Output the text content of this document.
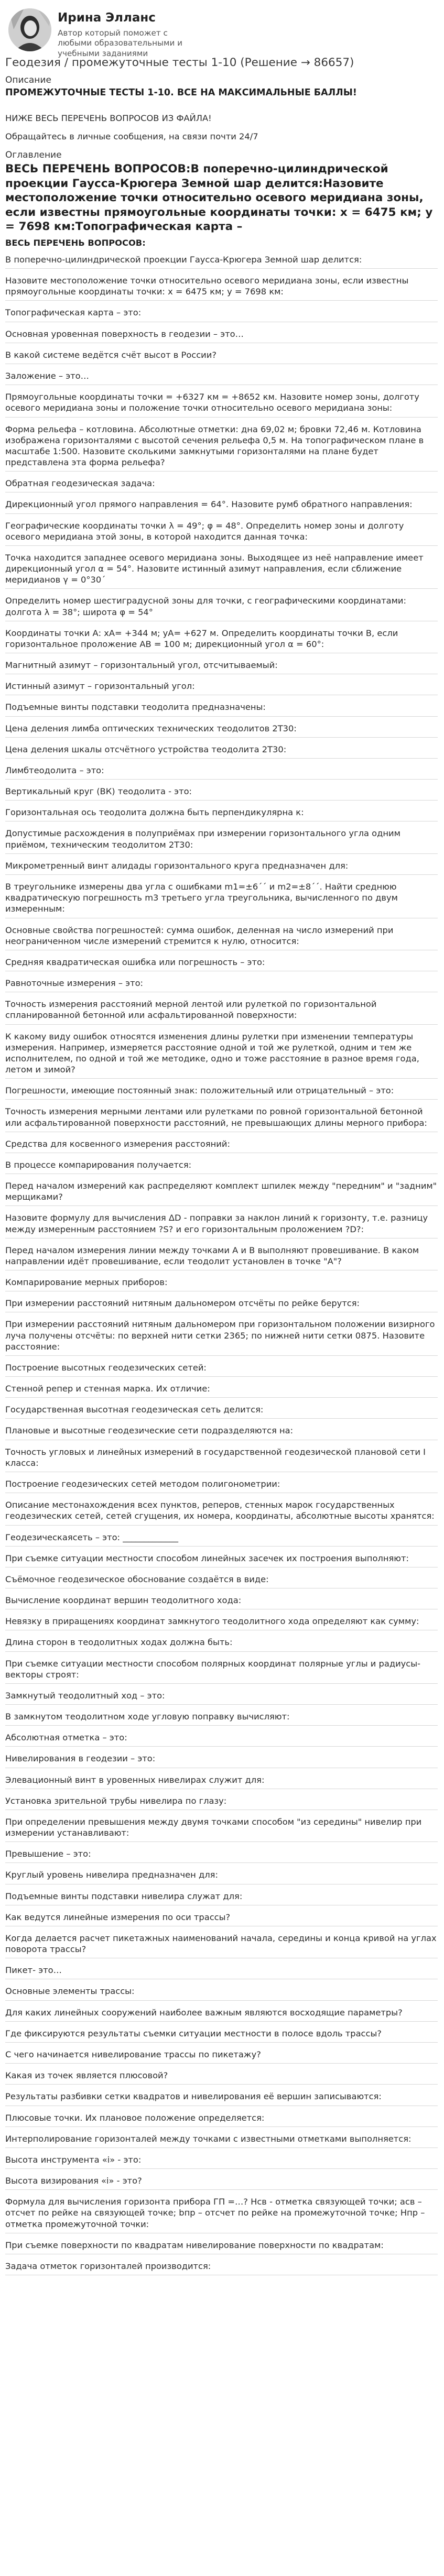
Ирина Элланс
Автор который поможет с любыми образовательными и учебными заданиями
Геодезия / промежуточные тесты 1-10 (Решение → 86657)
Описание
ПРОМЕЖУТОЧНЫЕ ТЕСТЫ 1-10. ВСЕ НА МАКСИМАЛЬНЫЕ БАЛЛЫ!
НИЖЕ ВЕСЬ ПЕРЕЧЕНЬ ВОПРОСОВ ИЗ ФАЙЛА!
Обращайтесь в личные сообщения, на связи почти 24/7
Оглавление
ВЕСЬ ПЕРЕЧЕНЬ ВОПРОСОВ:В поперечно-цилиндрической проекции Гаусса-Крюгера Земной шар делится:Назовите местоположение точки относительно осевого меридиана зоны, если известны прямоугольные координаты точки: х = 6475 км; у = 7698 км:Топографическая карта –
ВЕСЬ ПЕРЕЧЕНЬ ВОПРОСОВ:
В поперечно-цилиндрической проекции Гаусса-Крюгера Земной шар делится:
Назовите местоположение точки относительно осевого меридиана зоны, если известны прямоугольные координаты точки: х = 6475 км; у = 7698 км:
Топографическая карта – это:
Основная уровенная поверхность в геодезии – это…
В какой системе ведётся счёт высот в России?
Заложение – это…
Прямоугольные координаты точки = +6327 км = +8652 км. Назовите номер зоны, долготу осевого меридиана зоны и положение точки относительно осевого меридиана зоны:
Форма рельефа – котловина. Абсолютные отметки: дна 69,02 м; бровки 72,46 м. Котловина изображена горизонталями с высотой сечения рельефа 0,5 м. На топографическом плане в масштабе 1:500. Назовите сколькими замкнутыми горизонталями на плане будет представлена эта форма рельефа?
Обратная геодезическая задача:
Дирекционный угол прямого направления = 64°. Назовите румб обратного направления:
Географические координаты точки λ = 49°; φ = 48°. Определить номер зоны и долготу осевого меридиана этой зоны, в которой находится данная точка:
Точка находится западнее осевого меридиана зоны. Выходящее из неё направление имеет дирекционный угол α = 54°. Назовите истинный азимут направления, если сближение меридианов γ = 0°30´
Определить номер шестиградусной зоны для точки, с географическими координатами: долгота λ = 38°; широта φ = 54°
Координаты точки А: хА= +344 м; уА= +627 м. Определить координаты точки В, если горизонтальное проложение АВ = 100 м; дирекционный угол α = 60°:
Магнитный азимут – горизонтальный угол, отсчитываемый:
Истинный азимут – горизонтальный угол:
Подъемные винты подставки теодолита предназначены:
Цена деления лимба оптических технических теодолитов 2Т30:
Цена деления шкалы отсчётного устройства теодолита 2Т30:
Лимбтеодолита – это:
Вертикальный круг (ВК) теодолита - это:
Горизонтальная ось теодолита должна быть перпендикулярна к:
Допустимые расхождения в полуприёмах при измерении горизонтального угла одним приёмом, техническим теодолитом 2Т30:
Микрометренный винт алидады горизонтального круга предназначен для:
В треугольнике измерены два угла с ошибками m1=±6´´ и m2=±8´´. Найти среднюю квадратическую погрешность m3 третьего угла треугольника, вычисленного по двум измеренным:
Основные свойства погрешностей: сумма ошибок, деленная на число измерений при неограниченном числе измерений стремится к нулю, относится:
Средняя квадратическая ошибка или погрешность – это:
Равноточные измерения – это:
Точность измерения расстояний мерной лентой или рулеткой по горизонтальной спланированной бетонной или асфальтированной поверхности:
К какому виду ошибок относятся изменения длины рулетки при изменении температуры измерения. Например, измеряется расстояние одной и той же рулеткой, одним и тем же исполнителем, по одной и той же методике, одно и тоже расстояние в разное время года, летом и зимой?
Погрешности, имеющие постоянный знак: положительный или отрицательный – это:
Точность измерения мерными лентами или рулетками по ровной горизонтальной бетонной или асфальтированной поверхности расстояний, не превышающих длины мерного прибора:
Средства для косвенного измерения расстояний:
В процессе компарирования получается:
Перед началом измерений как распределяют комплект шпилек между "передним" и "задним" мерщиками?
Назовите формулу для вычисления ΔD - поправки за наклон линий к горизонту, т.е. разницу между измеренным расстоянием ?S? и его горизонтальным проложением ?D?:
Перед началом измерения линии между точками А и В выполняют провешивание. В каком направлении идёт провешивание, если теодолит установлен в точке "А"?
Компарирование мерных приборов:
При измерении расстояний нитяным дальномером отсчёты по рейке берутся:
При измерении расстояний нитяным дальномером при горизонтальном положении визирного луча получены отсчёты: по верхней нити сетки 2365; по нижней нити сетки 0875. Назовите расстояние:
Построение высотных геодезических сетей:
Стенной репер и стенная марка. Их отличие:
Государственная высотная геодезическая сеть делится:
Плановые и высотные геодезические сети подразделяются на:
Точность угловых и линейных измерений в государственной геодезической плановой сети I класса:
Построение геодезических сетей методом полигонометрии:
Описание местонахождения всех пунктов, реперов, стенных марок государственных геодезических сетей, сетей сгущения, их номера, координаты, абсолютные высоты хранятся:
Геодезическаясеть – это: _____________
При съемке ситуации местности способом линейных засечек их построения выполняют:
Съёмочное геодезическое обоснование создаётся в виде:
Вычисление координат вершин теодолитного хода:
Невязку в приращениях координат замкнутого теодолитного хода определяют как сумму:
Длина сторон в теодолитных ходах должна быть:
При съемке ситуации местности способом полярных координат полярные углы и радиусы-векторы строят:
Замкнутый теодолитный ход – это:
В замкнутом теодолитном ходе угловую поправку вычисляют:
Абсолютная отметка – это:
Нивелирования в геодезии – это:
Элевационный винт в уровенных нивелирах служит для:
Установка зрительной трубы нивелира по глазу:
При определении превышения между двумя точками способом "из середины" нивелир при измерении устанавливают:
Превышение – это:
Круглый уровень нивелира предназначен для:
Подъемные винты подставки нивелира служат для:
Как ведутся линейные измерения по оси трассы?
Когда делается расчет пикетажных наименований начала, середины и конца кривой на углах поворота трассы?
Пикет- это…
Основные элементы трассы:
Для каких линейных сооружений наиболее важным являются восходящие параметры?
Где фиксируются результаты съемки ситуации местности в полосе вдоль трассы?
С чего начинается нивелирование трассы по пикетажу?
Какая из точек является плюсовой?
Результаты разбивки сетки квадратов и нивелирования её вершин записываются:
Плюсовые точки. Их плановое положение определяется:
Интерполирование горизонталей между точками с известными отметками выполняется:
Высота инструмента «i» - это:
Высота визирования «i» - это?
Формула для вычисления горизонта прибора ГП =…? Нсв - отметка связующей точки; асв – отсчет по рейке на связующей точке; bпр – отсчет по рейке на промежуточной точке; Нпр – отметка промежуточной точки:
При съемке поверхности по квадратам нивелирование поверхности по квадратам:
Задача отметок горизонталей производится:
